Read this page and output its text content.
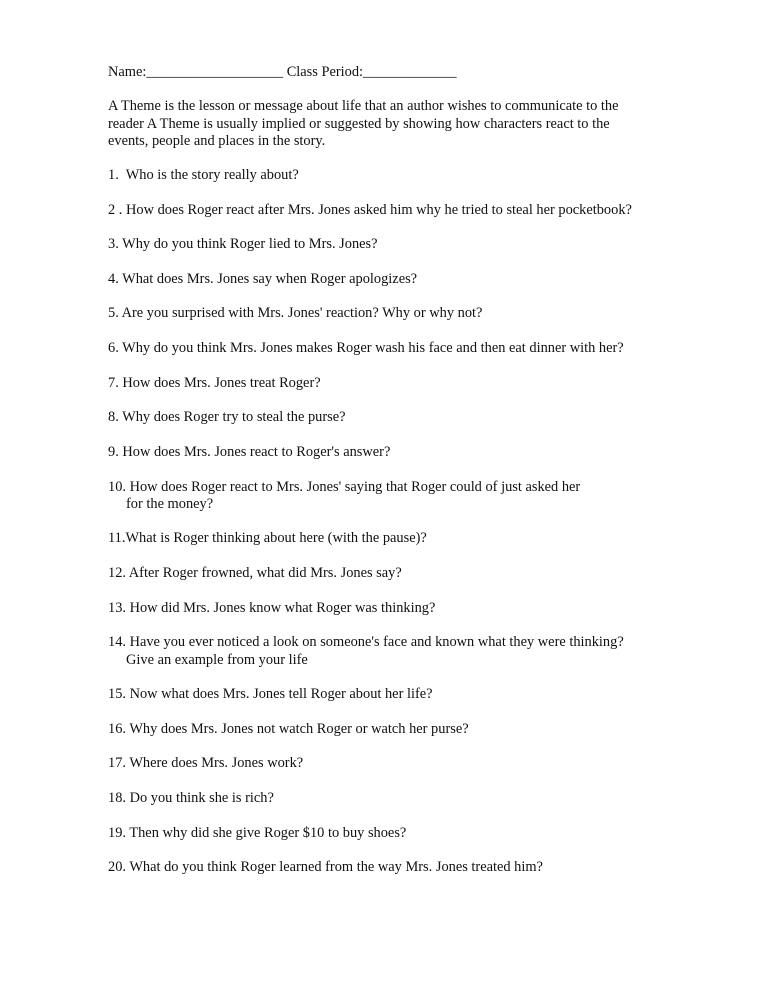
Name:___________________ Class Period:_____________
A Theme is the lesson or message about life that an author wishes to communicate to the
reader A Theme is usually implied or suggested by showing how characters react to the
events, people and places in the story.
1.  Who is the story really about?
2 . How does Roger react after Mrs. Jones asked him why he tried to steal her pocketbook?
3. Why do you think Roger lied to Mrs. Jones?
4. What does Mrs. Jones say when Roger apologizes?
5. Are you surprised with Mrs. Jones' reaction? Why or why not?
6. Why do you think Mrs. Jones makes Roger wash his face and then eat dinner with her?
7. How does Mrs. Jones treat Roger?
8. Why does Roger try to steal the purse?
9. How does Mrs. Jones react to Roger's answer?
10. How does Roger react to Mrs. Jones' saying that Roger could of just asked her
for the money?
11.What is Roger thinking about here (with the pause)?
12. After Roger frowned, what did Mrs. Jones say?
13. How did Mrs. Jones know what Roger was thinking?
14. Have you ever noticed a look on someone's face and known what they were thinking?
Give an example from your life
15. Now what does Mrs. Jones tell Roger about her life?
16. Why does Mrs. Jones not watch Roger or watch her purse?
17. Where does Mrs. Jones work?
18. Do you think she is rich?
19. Then why did she give Roger $10 to buy shoes?
20. What do you think Roger learned from the way Mrs. Jones treated him?
